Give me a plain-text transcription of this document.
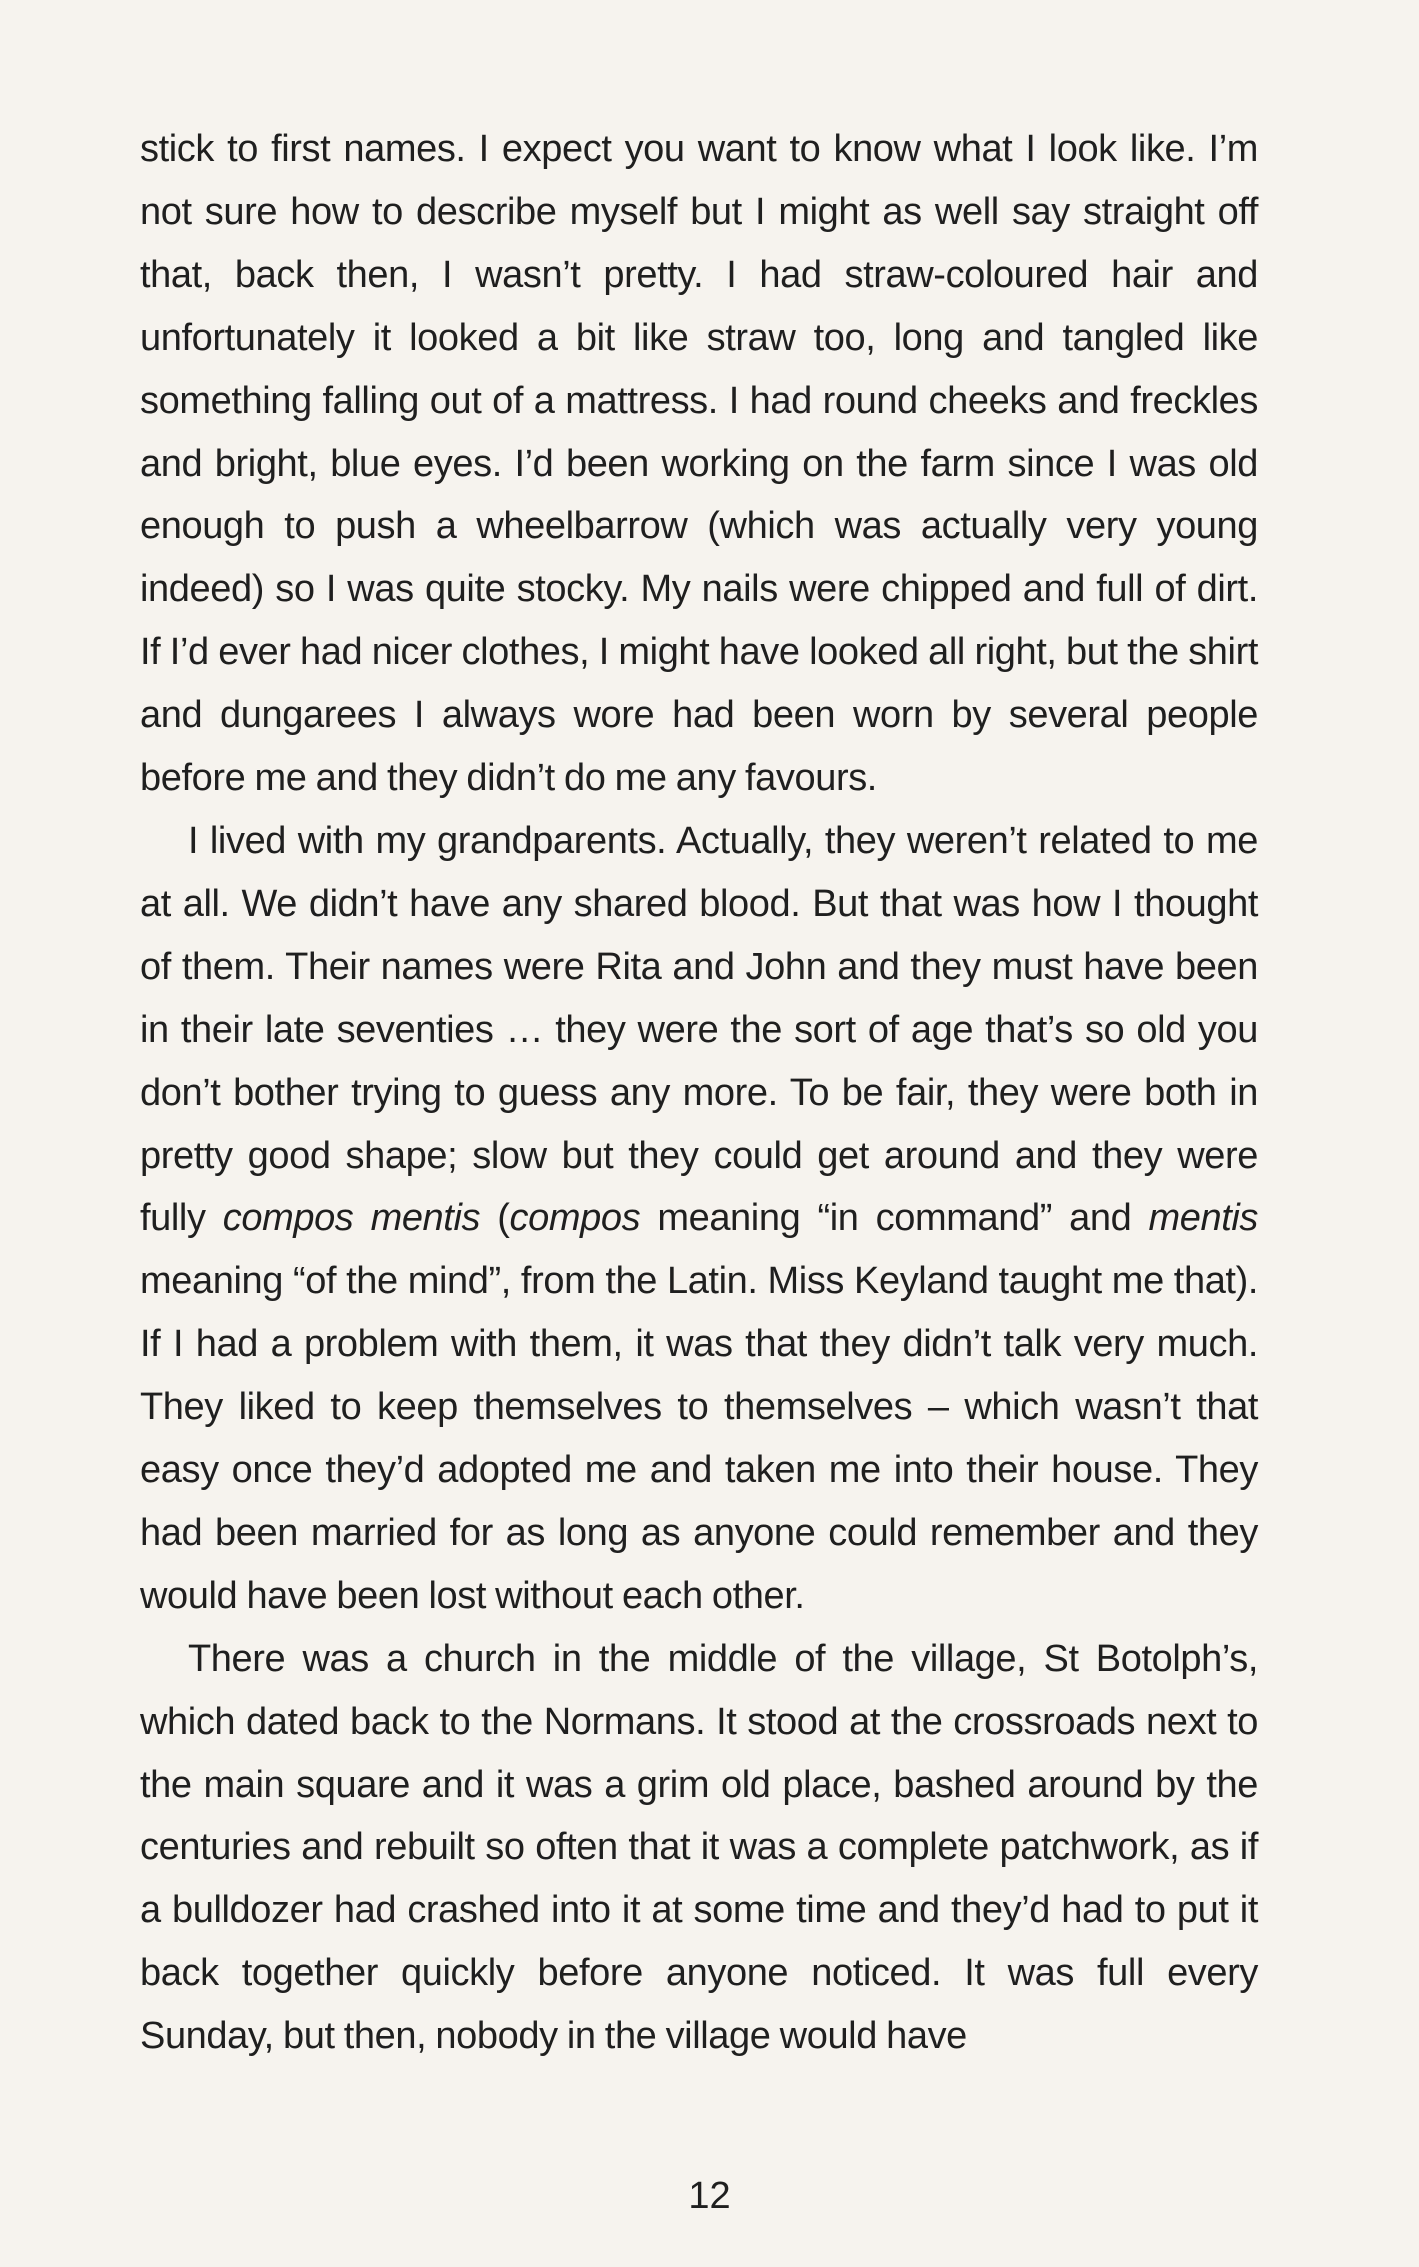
stick to first names. I expect you want to know what I look like. I’m not sure how to describe myself but I might as well say straight off that, back then, I wasn’t pretty. I had straw-coloured hair and unfortunately it looked a bit like straw too, long and tangled like something falling out of a mattress. I had round cheeks and freckles and bright, blue eyes. I’d been working on the farm since I was old enough to push a wheelbarrow (which was actually very young indeed) so I was quite stocky. My nails were chipped and full of dirt. If I’d ever had nicer clothes, I might have looked all right, but the shirt and dungarees I always wore had been worn by several people before me and they didn’t do me any favours.

I lived with my grandparents. Actually, they weren’t related to me at all. We didn’t have any shared blood. But that was how I thought of them. Their names were Rita and John and they must have been in their late seventies … they were the sort of age that’s so old you don’t bother trying to guess any more. To be fair, they were both in pretty good shape; slow but they could get around and they were fully compos mentis (compos meaning “in command” and mentis meaning “of the mind”, from the Latin. Miss Keyland taught me that). If I had a problem with them, it was that they didn’t talk very much. They liked to keep themselves to themselves – which wasn’t that easy once they’d adopted me and taken me into their house. They had been married for as long as anyone could remember and they would have been lost without each other.

There was a church in the middle of the village, St Botolph’s, which dated back to the Normans. It stood at the crossroads next to the main square and it was a grim old place, bashed around by the centuries and rebuilt so often that it was a complete patchwork, as if a bulldozer had crashed into it at some time and they’d had to put it back together quickly before anyone noticed. It was full every Sunday, but then, nobody in the village would have

12
